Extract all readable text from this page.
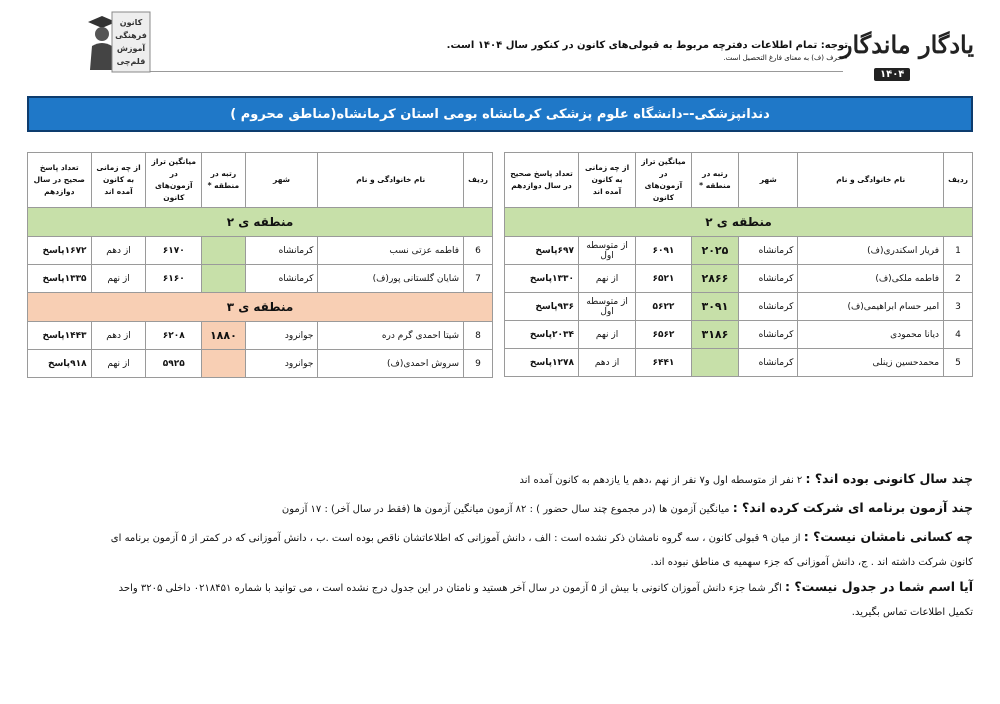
یادگار ماندگار
۱۴۰۴
توجه: تمام اطلاعات دفترچه مربوط به قبولی‌های کانون در کنکور سال ۱۴۰۴ است.
• حرف (ف) به معنای فارغ التحصیل است.
کانون
فرهنگی
آموزش
قلم‌چی
دندانپزشکی-–دانشگاه علوم پزشکی کرمانشاه بومی استان کرمانشاه(مناطق محروم )
ردیف	نام خانوادگی و نام	شهر	رتبه در منطقه *	میانگین تراز در آزمون‌های کانون	از چه زمانی به کانون آمده اند	تعداد پاسخ صحیح در سال دوازدهم
منطقه ی ۲						
1	فریار اسکندری(ف)	کرمانشاه	۲۰۲۵	۶۰۹۱	از متوسطه اول	۶۹۷پاسخ
2	فاطمه ملکی(ف)	کرمانشاه	۲۸۶۶	۶۵۲۱	از نهم	۱۳۳۰پاسخ
3	امیر حسام ابراهیمی(ف)	کرمانشاه	۳۰۹۱	۵۶۲۲	از متوسطه اول	۹۳۶پاسخ
4	دیانا محمودی	کرمانشاه	۳۱۸۶	۶۵۶۲	از نهم	۲۰۳۴پاسخ
5	محمدحسین زینلی	کرمانشاه		۶۴۴۱	از دهم	۱۲۷۸پاسخ
ردیف	نام خانوادگی و نام	شهر	رتبه در منطقه *	میانگین تراز در آزمون‌های کانون	از چه زمانی به کانون آمده اند	تعداد پاسخ صحیح در سال دوازدهم
منطقه ی ۲						
6	فاطمه عزتی نسب	کرمانشاه		۶۱۷۰	از دهم	۱۶۷۲پاسخ
7	شایان گلستانی پور(ف)	کرمانشاه		۶۱۶۰	از نهم	۱۳۳۵پاسخ
منطقه ی ۳						
8	شیتا احمدی گرم دره	جوانرود	۱۸۸۰	۶۲۰۸	از دهم	۱۴۴۳پاسخ
9	سروش احمدی(ف)	جوانرود		۵۹۲۵	از نهم	۹۱۸پاسخ
چند سال کانونی بوده اند؟ : ۲ نفر از متوسطه اول و۷ نفر از نهم ،دهم یا یازدهم به کانون آمده اند
چند آزمون برنامه ای شرکت کرده اند؟ : میانگین آزمون ها (در مجموع چند سال حضور ) : ۸۲ آزمون میانگین آزمون ها (فقط در سال آخر) : ۱۷ آزمون
چه کسانی نامشان نیست؟ : از میان ۹ قبولی کانون ، سه گروه نامشان ذکر نشده است : الف ، دانش آموزانی که اطلاعاتشان ناقص بوده است .ب ، دانش آموزانی که در کمتر از ۵ آزمون برنامه ای
کانون شرکت داشته اند . ج، دانش آموزانی که جزء سهمیه ی مناطق نبوده اند.
آیا اسم شما در جدول نیست؟ : اگر شما جزء دانش آموزان کانونی با بیش از ۵ آزمون در سال آخر هستید و نامتان در این جدول درج نشده است ، می توانید با شماره ۰۲۱۸۴۵۱ داخلی ۳۲۰۵ واحد
تکمیل اطلاعات تماس بگیرید.
